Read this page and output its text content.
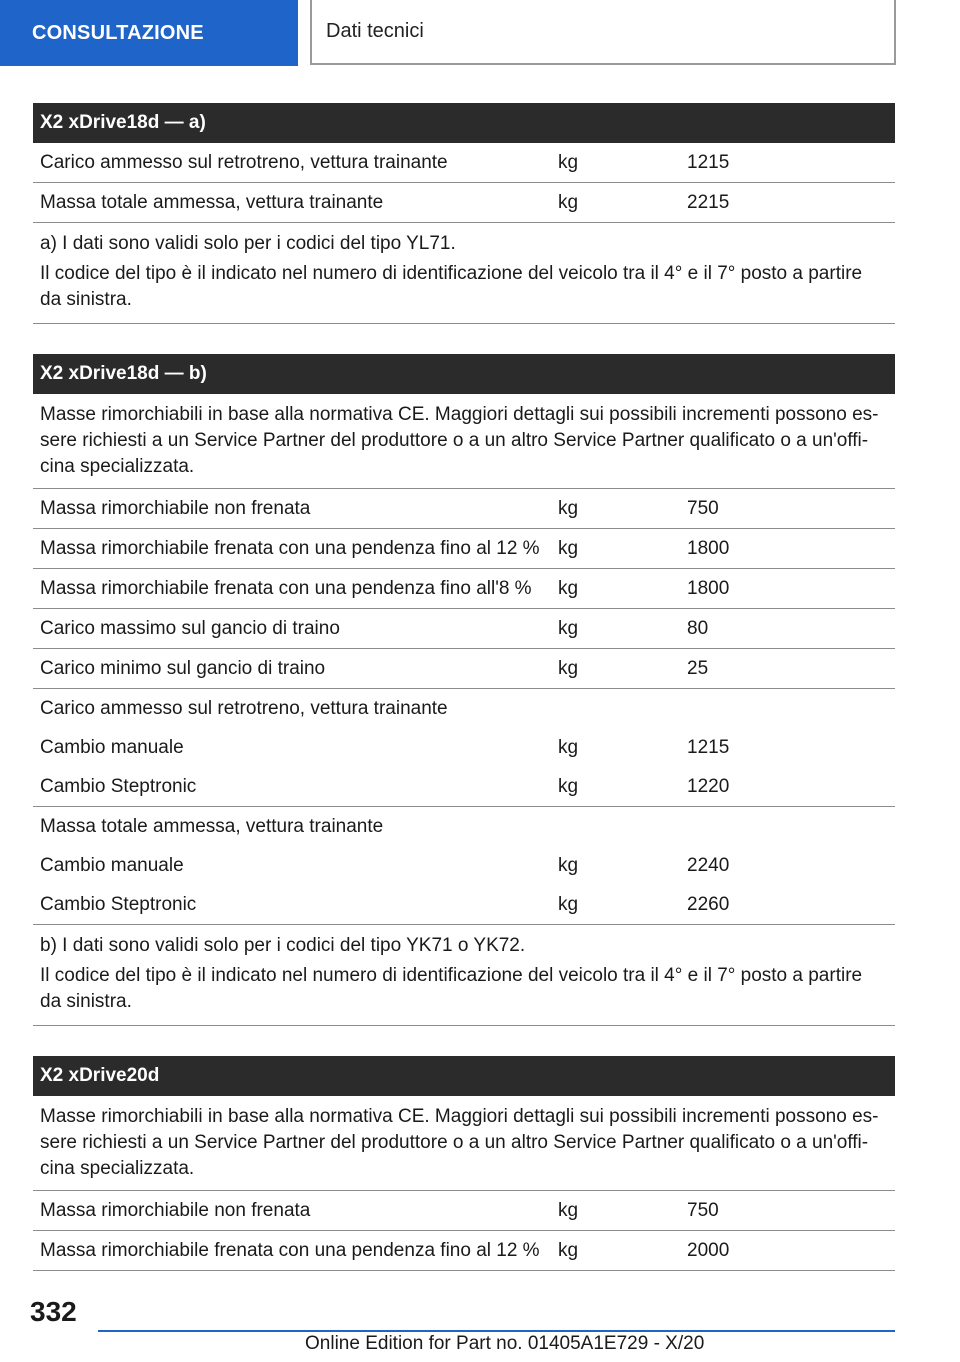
CONSULTAZIONE	Dati tecnici
X2 xDrive18d — a)
Carico ammesso sul retrotreno, vettura trainante	kg	1215
Massa totale ammessa, vettura trainante	kg	2215

a) I dati sono validi solo per i codici del tipo YL71.

Il codice del tipo è il indicato nel numero di identificazione del veicolo tra il 4° e il 7° posto a partire da sinistra.

X2 xDrive18d — b)
Masse rimorchiabili in base alla normativa CE. Maggiori dettagli sui possibili incrementi possono es-sere richiesti a un Service Partner del produttore o a un altro Service Partner qualificato o a un'offi-cina specializzata.
Massa rimorchiabile non frenata	kg	750
Massa rimorchiabile frenata con una pendenza fino al 12 % kg	1800
Massa rimorchiabile frenata con una pendenza fino all'8 %	kg	1800
Carico massimo sul gancio di traino	kg	80
Carico minimo sul gancio di traino	kg	25
Carico ammesso sul retrotreno, vettura trainante
Cambio manuale	kg	1215
Cambio Steptronic	kg	1220
Massa totale ammessa, vettura trainante
Cambio manuale	kg	2240
Cambio Steptronic	kg	2260

b) I dati sono validi solo per i codici del tipo YK71 o YK72.

Il codice del tipo è il indicato nel numero di identificazione del veicolo tra il 4° e il 7° posto a partire da sinistra.

X2 xDrive20d
Masse rimorchiabili in base alla normativa CE. Maggiori dettagli sui possibili incrementi possono es-sere richiesti a un Service Partner del produttore o a un altro Service Partner qualificato o a un'offi-cina specializzata.
Massa rimorchiabile non frenata	kg	750
Massa rimorchiabile frenata con una pendenza fino al 12 % kg	2000
332
Online Edition for Part no. 01405A1E729 - X/20
